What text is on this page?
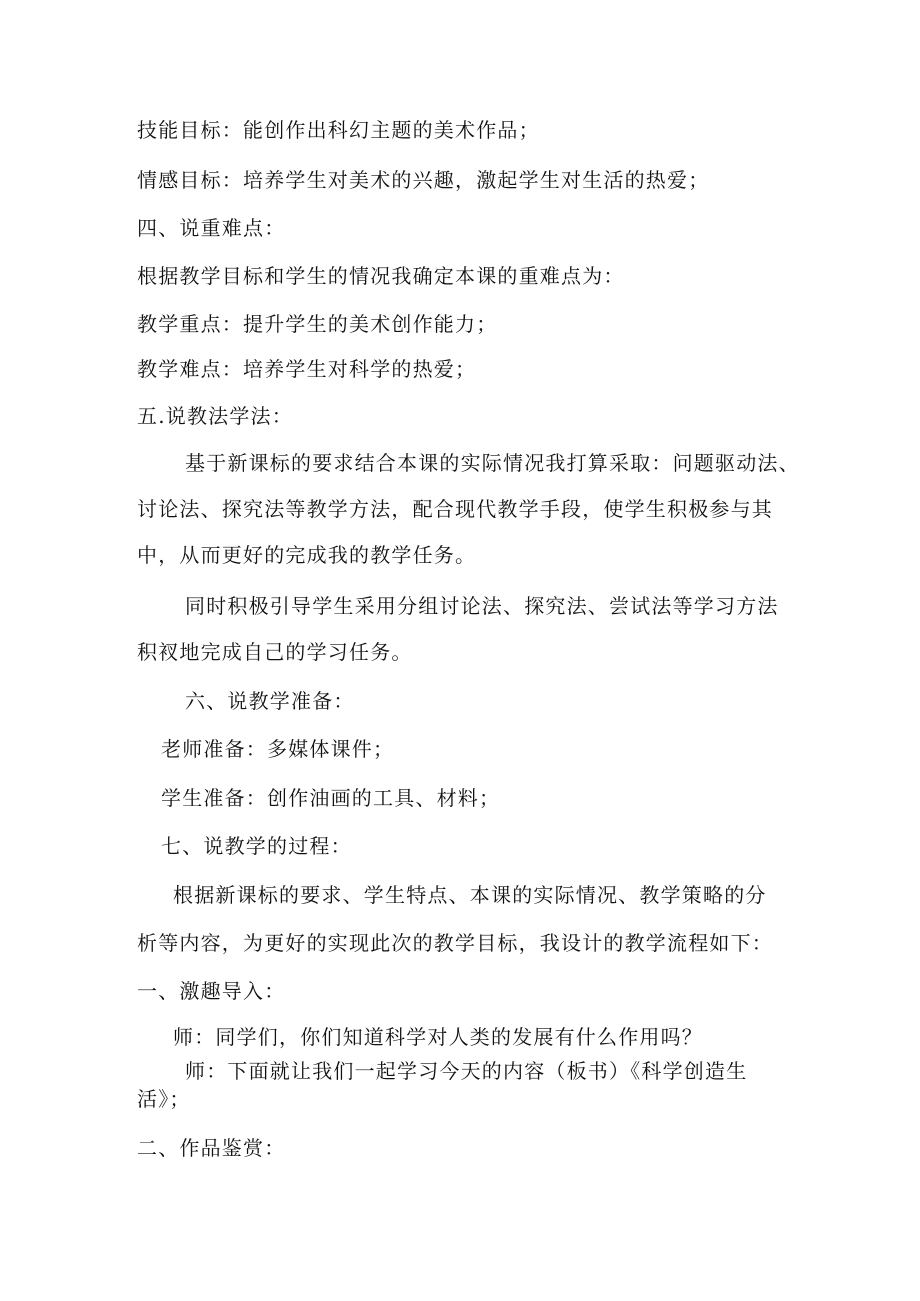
技能目标：能创作出科幻主题的美术作品；
情感目标：培养学生对美术的兴趣，激起学生对生活的热爱；
四、说重难点：
根据教学目标和学生的情况我确定本课的重难点为：
教学重点：提升学生的美术创作能力；
教学难点：培养学生对科学的热爱；
五.说教法学法：
基于新课标的要求结合本课的实际情况我打算采取：问题驱动法、
讨论法、探究法等教学方法，配合现代教学手段，使学生积极参与其
中，从而更好的完成我的教学任务。
同时积极引导学生采用分组讨论法、探究法、尝试法等学习方法
积衩地完成自己的学习任务。
六、说教学准备：
老师准备：多媒体课件；
学生准备：创作油画的工具、材料；
七、说教学的过程：
根据新课标的要求、学生特点、本课的实际情况、教学策略的分
析等内容，为更好的实现此次的教学目标，我设计的教学流程如下：
一、激趣导入：
师：同学们，你们知道科学对人类的发展有什么作用吗？
师：下面就让我们一起学习今天的内容（板书）《科学创造生
活》；
二、作品鉴赏：
